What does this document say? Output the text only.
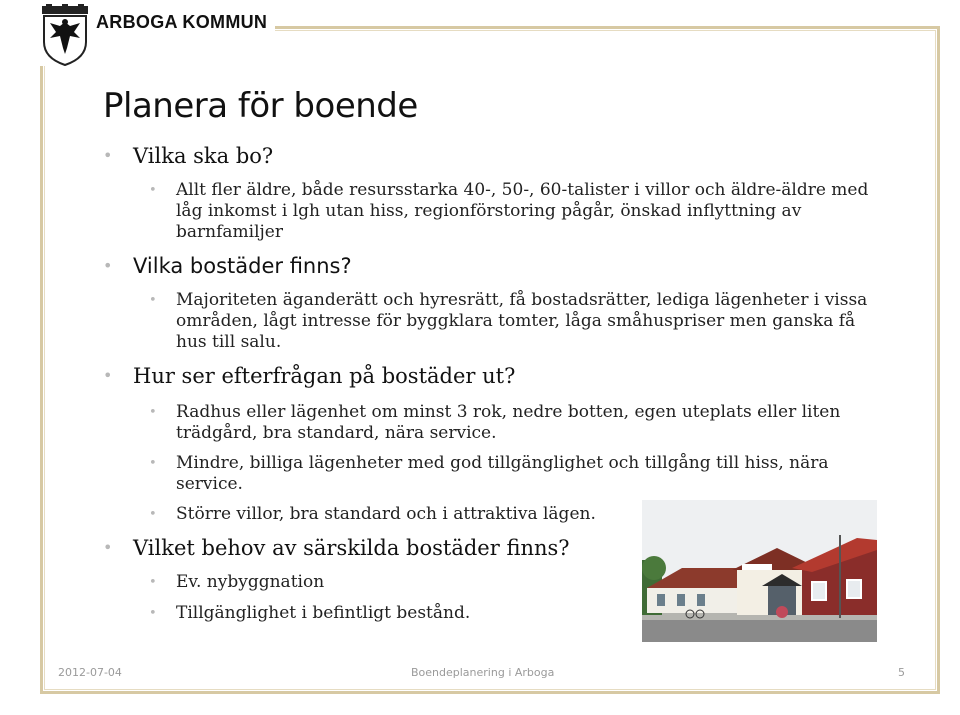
ARBOGA KOMMUN
Planera för boende
• Vilka ska bo?
• Allt fler äldre, både resursstarka 40-, 50-, 60-talister i villor och äldre-äldre med låg inkomst i lgh utan hiss, regionförstoring pågår, önskad inflyttning av barnfamiljer
• Vilka bostäder finns?
• Majoriteten äganderätt och hyresrätt, få bostadsrätter, lediga lägenheter i vissa områden, lågt intresse för byggklara tomter, låga småhuspriser men ganska få hus till salu.
• Hur ser efterfrågan på bostäder ut?
• Radhus eller lägenhet om minst 3 rok, nedre botten, egen uteplats eller liten trädgård, bra standard, nära service.
• Mindre, billiga lägenheter med god tillgänglighet och tillgång till hiss, nära service.
• Större villor, bra standard och i attraktiva lägen.
• Vilket behov av särskilda bostäder finns?
• Ev. nybyggnation
• Tillgänglighet i befintligt bestånd.
2012-07-04	Boendeplanering i Arboga	5
